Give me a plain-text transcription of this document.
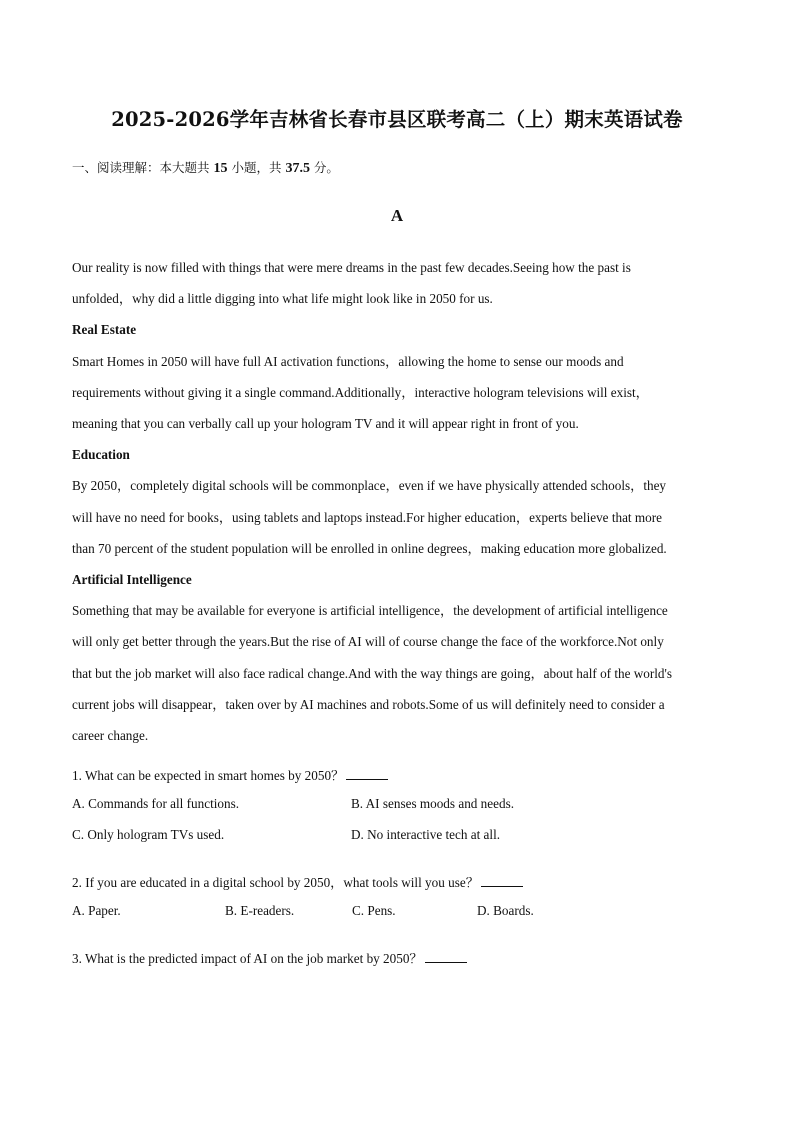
2025-2026学年吉林省长春市县区联考高二（上）期末英语试卷
一、阅读理解：本大题共 15 小题，共 37.5 分。
A

Our reality is now filled with things that were mere dreams in the past few decades.Seeing how the past is

unfolded，why did a little digging into what life might look like in 2050 for us.

Real Estate

Smart Homes in 2050 will have full AI activation functions，allowing the home to sense our moods and

requirements without giving it a single command.Additionally，interactive hologram televisions will exist，

meaning that you can verbally call up your hologram TV and it will appear right in front of you.

Education

By 2050，completely digital schools will be commonplace，even if we have physically attended schools，they

will have no need for books，using tablets and laptops instead.For higher education，experts believe that more

than 70 percent of the student population will be enrolled in online degrees，making education more globalized.

Artificial Intelligence

Something that may be available for everyone is artificial intelligence，the development of artificial intelligence

will only get better through the years.But the rise of AI will of course change the face of the workforce.Not only

that but the job market will also face radical change.And with the way things are going，about half of the world's

current jobs will disappear，taken over by AI machines and robots.Some of us will definitely need to consider a

career change.

1. What can be expected in smart homes by 2050？

A. Commands for all functions.	B. AI senses moods and needs.
C. Only hologram TVs used.	D. No interactive tech at all.

2. If you are educated in a digital school by 2050，what tools will you use？

A. Paper.	B. E-readers.	C. Pens.	D. Boards.

3. What is the predicted impact of AI on the job market by 2050？
